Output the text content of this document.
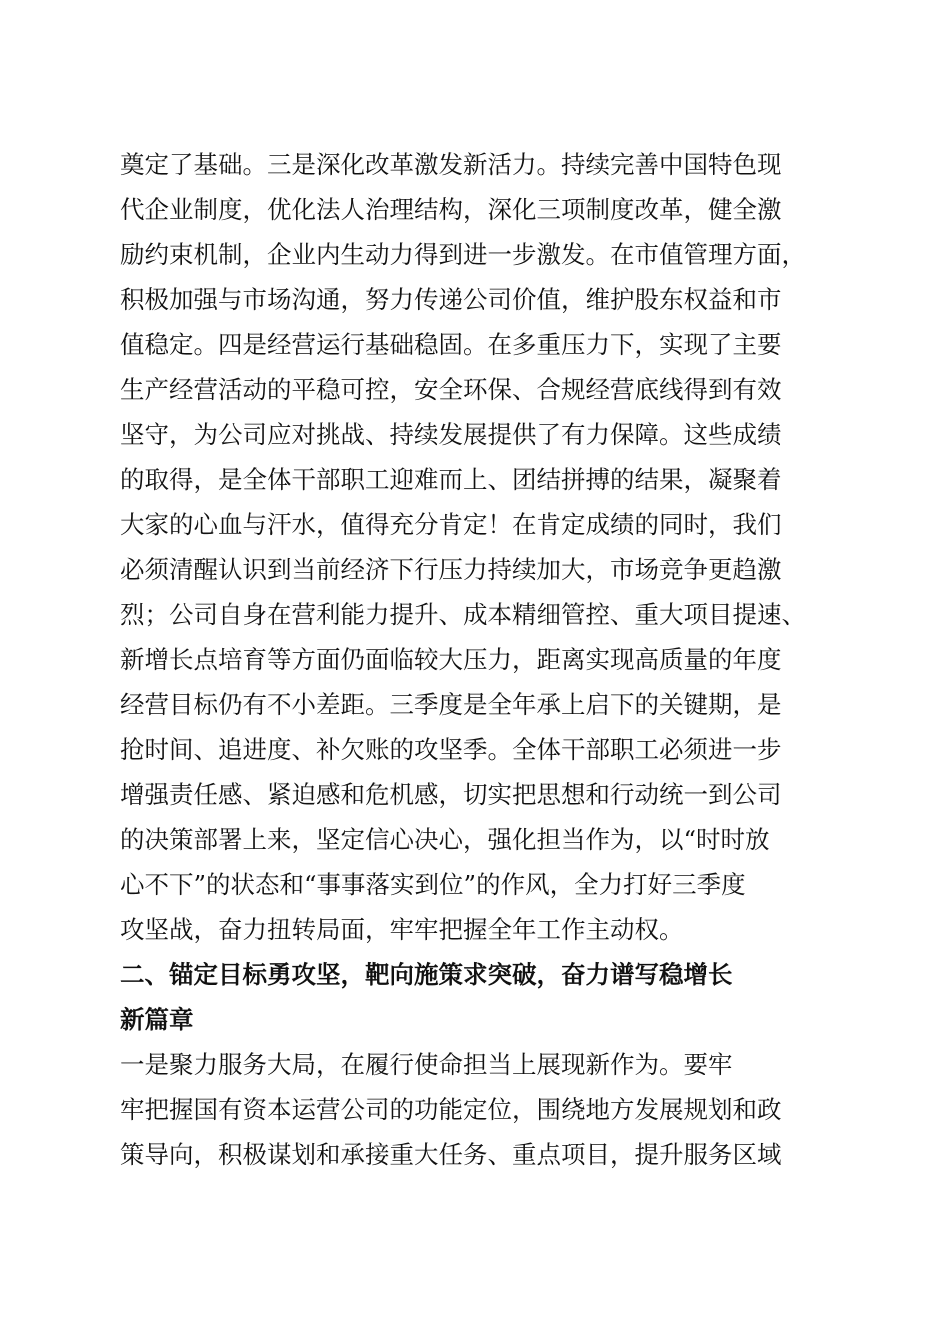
奠定了基础。三是深化改革激发新活力。持续完善中国特色现
代企业制度，优化法人治理结构，深化三项制度改革，健全激
励约束机制，企业内生动力得到进一步激发。在市值管理方面，
积极加强与市场沟通，努力传递公司价值，维护股东权益和市
值稳定。四是经营运行基础稳固。在多重压力下，实现了主要
生产经营活动的平稳可控，安全环保、合规经营底线得到有效
坚守，为公司应对挑战、持续发展提供了有力保障。这些成绩
的取得，是全体干部职工迎难而上、团结拼搏的结果，凝聚着
大家的心血与汗水，值得充分肯定！在肯定成绩的同时，我们
必须清醒认识到当前经济下行压力持续加大，市场竞争更趋激
烈；公司自身在营利能力提升、成本精细管控、重大项目提速、
新增长点培育等方面仍面临较大压力，距离实现高质量的年度
经营目标仍有不小差距。三季度是全年承上启下的关键期，是
抢时间、追进度、补欠账的攻坚季。全体干部职工必须进一步
增强责任感、紧迫感和危机感，切实把思想和行动统一到公司
的决策部署上来，坚定信心决心，强化担当作为，以“时时放
心不下”的状态和“事事落实到位”的作风，全力打好三季度
攻坚战，奋力扭转局面，牢牢把握全年工作主动权。
二、锚定目标勇攻坚，靶向施策求突破，奋力谱写稳增长
新篇章
一是聚力服务大局，在履行使命担当上展现新作为。要牢
牢把握国有资本运营公司的功能定位，围绕地方发展规划和政
策导向，积极谋划和承接重大任务、重点项目，提升服务区域
